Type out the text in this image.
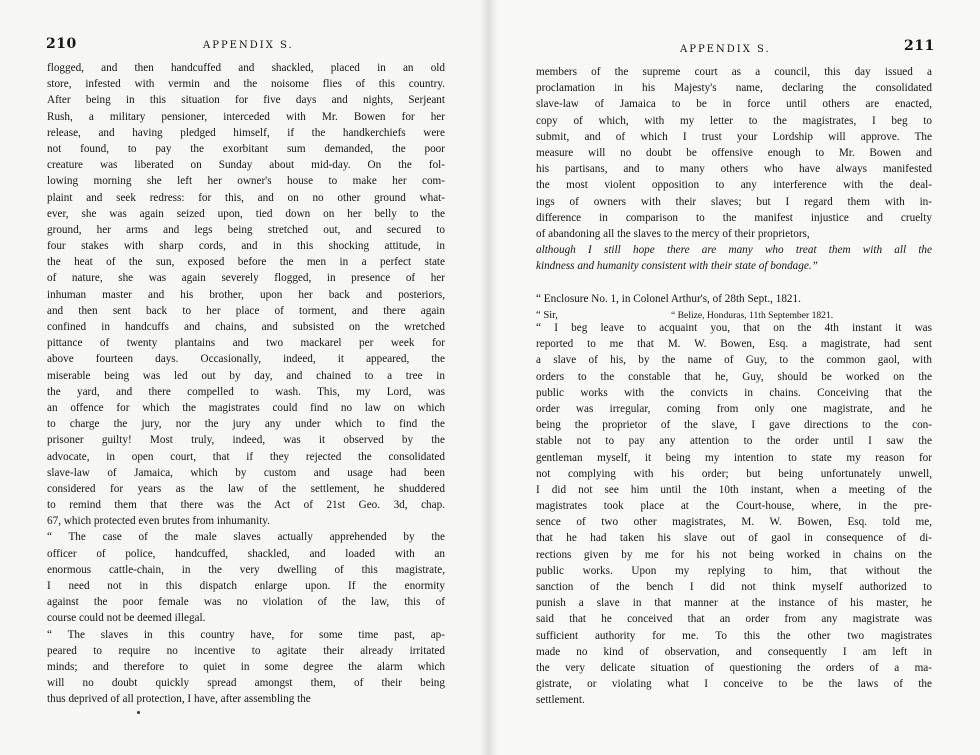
210	APPENDIX S.
flogged, and then handcuffed and shackled, placed in an old
store, infested with vermin and the noisome flies of this country.
After being in this situation for five days and nights, Serjeant
Rush, a military pensioner, interceded with Mr. Bowen for her
release, and having pledged himself, if the handkerchiefs were
not found, to pay the exorbitant sum demanded, the poor
creature was liberated on Sunday about mid-day. On the fol-
lowing morning she left her owner's house to make her com-
plaint and seek redress: for this, and on no other ground what-
ever, she was again seized upon, tied down on her belly to the
ground, her arms and legs being stretched out, and secured to
four stakes with sharp cords, and in this shocking attitude, in
the heat of the sun, exposed before the men in a perfect state
of nature, she was again severely flogged, in presence of her
inhuman master and his brother, upon her back and posteriors,
and then sent back to her place of torment, and there again
confined in handcuffs and chains, and subsisted on the wretched
pittance of twenty plantains and two mackarel per week for
above fourteen days. Occasionally, indeed, it appeared, the
miserable being was led out by day, and chained to a tree in
the yard, and there compelled to wash. This, my Lord, was
an offence for which the magistrates could find no law on which
to charge the jury, nor the jury any under which to find the
prisoner guilty! Most truly, indeed, was it observed by the
advocate, in open court, that if they rejected the consolidated
slave-law of Jamaica, which by custom and usage had been
considered for years as the law of the settlement, he shuddered
to remind them that there was the Act of 21st Geo. 3d, chap.
67, which protected even brutes from inhumanity.
“ The case of the male slaves actually apprehended by the
officer of police, handcuffed, shackled, and loaded with an
enormous cattle-chain, in the very dwelling of this magistrate,
I need not in this dispatch enlarge upon. If the enormity
against the poor female was no violation of the law, this of
course could not be deemed illegal.
“ The slaves in this country have, for some time past, ap-
peared to require no incentive to agitate their already irritated
minds; and therefore to quiet in some degree the alarm which
will no doubt quickly spread amongst them, of their being
thus deprived of all protection, I have, after assembling the
APPENDIX S.	211
members of the supreme court as a council, this day issued a
proclamation in his Majesty's name, declaring the consolidated
slave-law of Jamaica to be in force until others are enacted,
copy of which, with my letter to the magistrates, I beg to
submit, and of which I trust your Lordship will approve. The
measure will no doubt be offensive enough to Mr. Bowen and
his partisans, and to many others who have always manifested
the most violent opposition to any interference with the deal-
ings of owners with their slaves; but I regard them with in-
difference in comparison to the manifest injustice and cruelty
of abandoning all the slaves to the mercy of their proprietors,
although I still hope there are many who treat them with all the
kindness and humanity consistent with their state of bondage.”
“ Enclosure No. 1, in Colonel Arthur's, of 28th Sept., 1821.
“ Sir,	“ Belize, Honduras, 11th September 1821.
“ I beg leave to acquaint you, that on the 4th instant it was
reported to me that M. W. Bowen, Esq. a magistrate, had sent
a slave of his, by the name of Guy, to the common gaol, with
orders to the constable that he, Guy, should be worked on the
public works with the convicts in chains. Conceiving that the
order was irregular, coming from only one magistrate, and he
being the proprietor of the slave, I gave directions to the con-
stable not to pay any attention to the order until I saw the
gentleman myself, it being my intention to state my reason for
not complying with his order; but being unfortunately unwell,
I did not see him until the 10th instant, when a meeting of the
magistrates took place at the Court-house, where, in the pre-
sence of two other magistrates, M. W. Bowen, Esq. told me,
that he had taken his slave out of gaol in consequence of di-
rections given by me for his not being worked in chains on the
public works. Upon my replying to him, that without the
sanction of the bench I did not think myself authorized to
punish a slave in that manner at the instance of his master, he
said that he conceived that an order from any magistrate was
sufficient authority for me. To this the other two magistrates
made no kind of observation, and consequently I am left in
the very delicate situation of questioning the orders of a ma-
gistrate, or violating what I conceive to be the laws of the
settlement.
